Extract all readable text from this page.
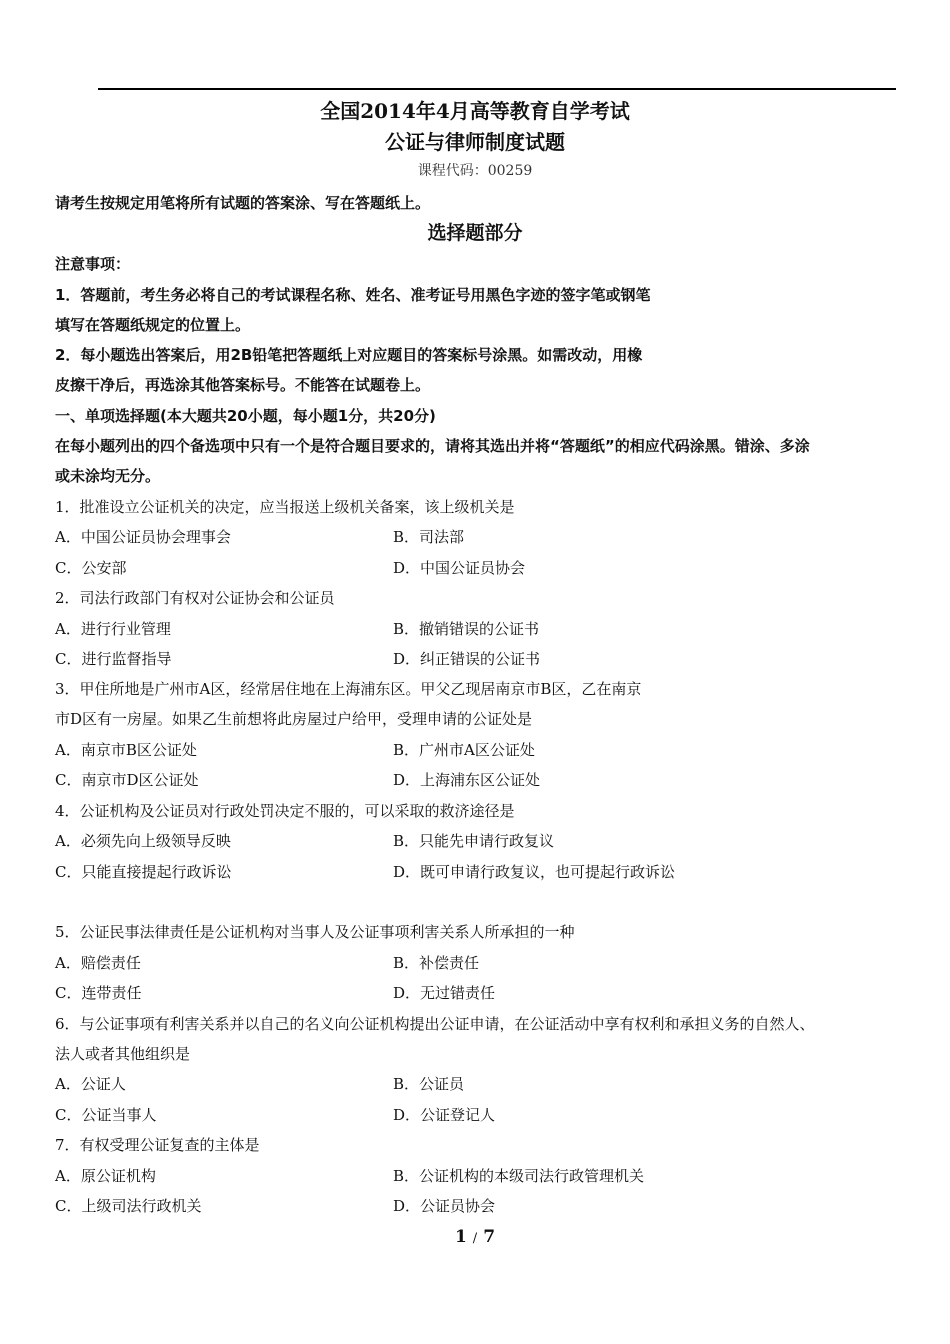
全国2014年4月高等教育自学考试
公证与律师制度试题
课程代码：00259
请考生按规定用笔将所有试题的答案涂、写在答题纸上。
选择题部分
注意事项：
1．答题前，考生务必将自己的考试课程名称、姓名、准考证号用黑色字迹的签字笔或钢笔
填写在答题纸规定的位置上。
2．每小题选出答案后，用2B铅笔把答题纸上对应题目的答案标号涂黑。如需改动，用橡
皮擦干净后，再选涂其他答案标号。不能答在试题卷上。
一、单项选择题(本大题共20小题，每小题1分，共20分)
在每小题列出的四个备选项中只有一个是符合题目要求的，请将其选出并将“答题纸”的相应代码涂黑。错涂、多涂
或未涂均无分。
1．批准设立公证机关的决定，应当报送上级机关备案，该上级机关是
A．中国公证员协会理事会	B．司法部
C．公安部	D．中国公证员协会
2．司法行政部门有权对公证协会和公证员
A．进行行业管理	B．撤销错误的公证书
C．进行监督指导	D．纠正错误的公证书
3．甲住所地是广州市A区，经常居住地在上海浦东区。甲父乙现居南京市B区，乙在南京
市D区有一房屋。如果乙生前想将此房屋过户给甲，受理申请的公证处是
A．南京市B区公证处	B．广州市A区公证处
C．南京市D区公证处	D．上海浦东区公证处
4．公证机构及公证员对行政处罚决定不服的，可以采取的救济途径是
A．必须先向上级领导反映	B．只能先申请行政复议
C．只能直接提起行政诉讼	D．既可申请行政复议，也可提起行政诉讼
5．公证民事法律责任是公证机构对当事人及公证事项利害关系人所承担的一种
A．赔偿责任	B．补偿责任
C．连带责任	D．无过错责任
6．与公证事项有利害关系并以自己的名义向公证机构提出公证申请，在公证活动中享有权利和承担义务的自然人、
法人或者其他组织是
A．公证人	B．公证员
C．公证当事人	D．公证登记人
7．有权受理公证复查的主体是
A．原公证机构	B．公证机构的本级司法行政管理机关
C．上级司法行政机关	D．公证员协会
1 / 7
